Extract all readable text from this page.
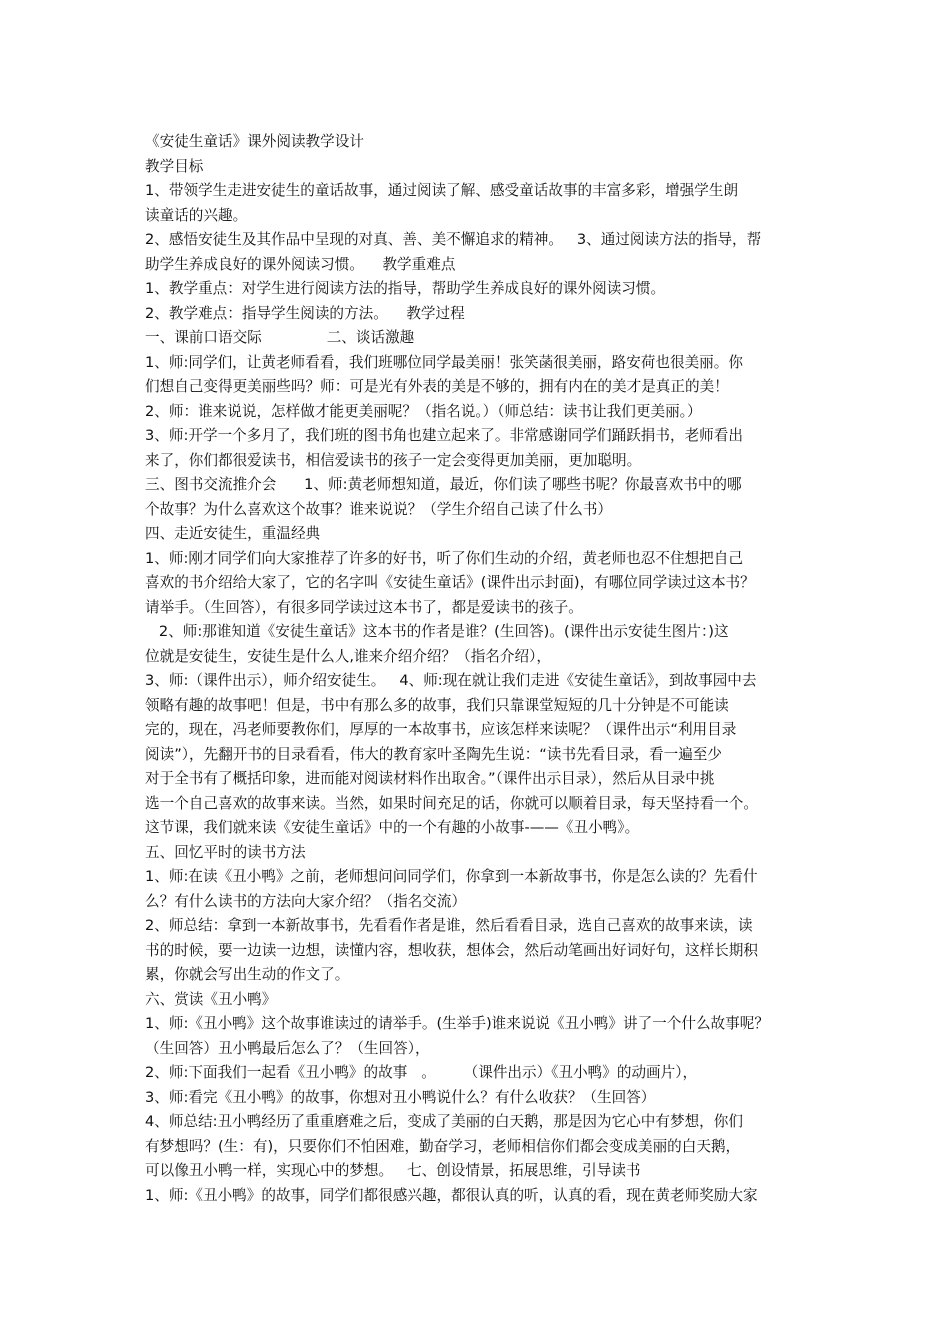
《安徒生童话》课外阅读教学设计
教学目标
1、带领学生走进安徒生的童话故事，通过阅读了解、感受童话故事的丰富多彩，增强学生朗
读童话的兴趣。
2、感悟安徒生及其作品中呈现的对真、善、美不懈追求的精神。   3、通过阅读方法的指导，帮
助学生养成良好的课外阅读习惯。    教学重难点
1、教学重点：对学生进行阅读方法的指导，帮助学生养成良好的课外阅读习惯。
2、教学难点：指导学生阅读的方法。    教学过程
一、课前口语交际              二、谈话激趣
1、师:同学们，让黄老师看看，我们班哪位同学最美丽！张笑菡很美丽，路安荷也很美丽。你
们想自己变得更美丽些吗？师：可是光有外表的美是不够的，拥有内在的美才是真正的美！
2、师：谁来说说，怎样做才能更美丽呢？（指名说。）（师总结：读书让我们更美丽。）
3、师:开学一个多月了，我们班的图书角也建立起来了。非常感谢同学们踊跃捐书，老师看出
来了，你们都很爱读书，相信爱读书的孩子一定会变得更加美丽，更加聪明。
三、图书交流推介会      1、师:黄老师想知道，最近，你们读了哪些书呢？你最喜欢书中的哪
个故事？为什么喜欢这个故事？谁来说说？（学生介绍自己读了什么书）
四、走近安徒生，重温经典
1、师:刚才同学们向大家推荐了许多的好书，听了你们生动的介绍，黄老师也忍不住想把自己
喜欢的书介绍给大家了，它的名字叫《安徒生童话》(课件出示封面)，有哪位同学读过这本书？
请举手。（生回答），有很多同学读过这本书了，都是爱读书的孩子。
2、师:那谁知道《安徒生童话》这本书的作者是谁？(生回答)。(课件出示安徒生图片：)这
位就是安徒生，安徒生是什么人,谁来介绍介绍？（指名介绍），
3、师:（课件出示），师介绍安徒生。   4、师:现在就让我们走进《安徒生童话》，到故事园中去
领略有趣的故事吧！但是，书中有那么多的故事，我们只靠课堂短短的几十分钟是不可能读
完的，现在，冯老师要教你们，厚厚的一本故事书，应该怎样来读呢？（课件出示“利用目录
阅读”），先翻开书的目录看看，伟大的教育家叶圣陶先生说：“读书先看目录，看一遍至少
对于全书有了概括印象，进而能对阅读材料作出取舍。”（课件出示目录），然后从目录中挑
选一个自己喜欢的故事来读。当然，如果时间充足的话，你就可以顺着目录，每天坚持看一个。
这节课，我们就来读《安徒生童话》中的一个有趣的小故事-——《丑小鸭》。
五、回忆平时的读书方法
1、师:在读《丑小鸭》之前，老师想问问同学们，你拿到一本新故事书，你是怎么读的？先看什
么？有什么读书的方法向大家介绍？（指名交流）
2、师总结：拿到一本新故事书，先看看作者是谁，然后看看目录，选自己喜欢的故事来读，读
书的时候，要一边读一边想，读懂内容，想收获，想体会，然后动笔画出好词好句，这样长期积
累，你就会写出生动的作文了。
六、赏读《丑小鸭》
1、师:《丑小鸭》这个故事谁读过的请举手。(生举手)谁来说说《丑小鸭》讲了一个什么故事呢？
（生回答）丑小鸭最后怎么了？（生回答），
2、师:下面我们一起看《丑小鸭》的故事   。      （课件出示）《丑小鸭》的动画片），
3、师:看完《丑小鸭》的故事，你想对丑小鸭说什么？有什么收获？（生回答）
4、师总结:丑小鸭经历了重重磨难之后，变成了美丽的白天鹅，那是因为它心中有梦想，你们
有梦想吗？(生：有)，只要你们不怕困难，勤奋学习，老师相信你们都会变成美丽的白天鹅，
可以像丑小鸭一样，实现心中的梦想。   七、创设情景，拓展思维，引导读书
1、师:《丑小鸭》的故事，同学们都很感兴趣，都很认真的听，认真的看，现在黄老师奖励大家
